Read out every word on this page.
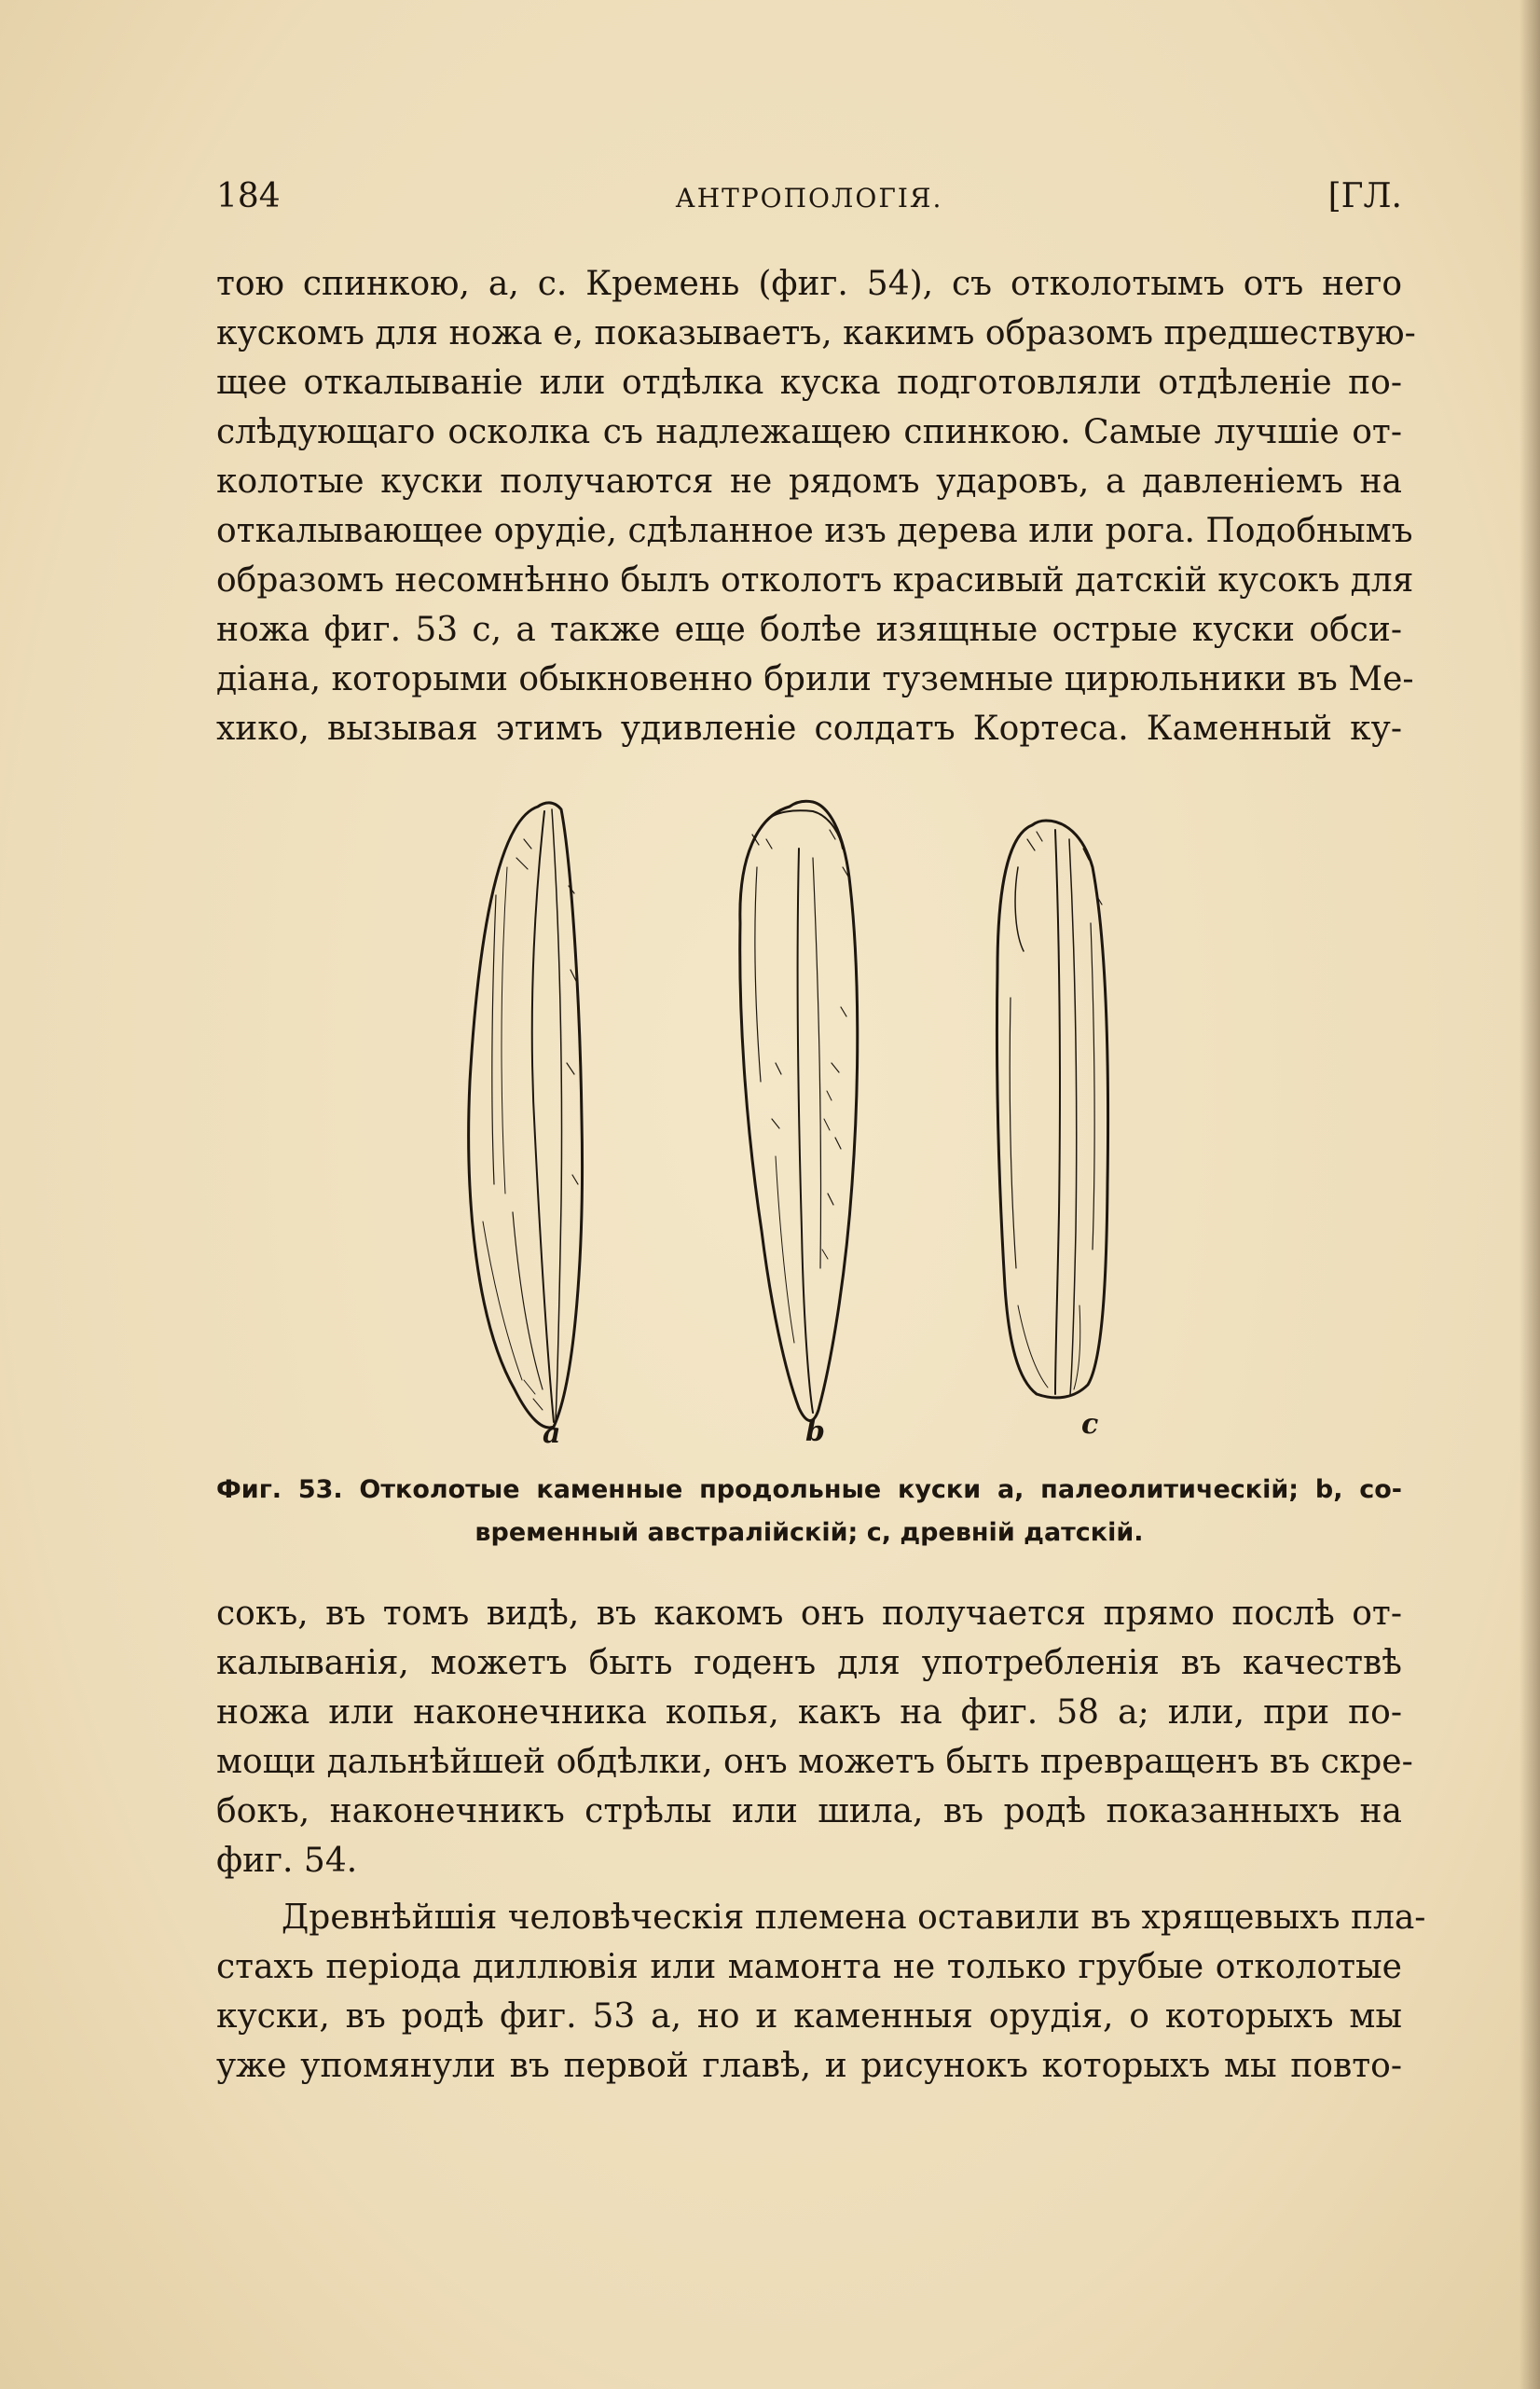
184	АНТРОПОЛОГІЯ.	[ГЛ.

тою спинкою, a, c. Кремень (фиг. 54), съ отколотымъ отъ него

кускомъ для ножа e, показываетъ, какимъ образомъ предшествую-

щее откалываніе или отдѣлка куска подготовляли отдѣленіе по-

слѣдующаго осколка съ надлежащею спинкою. Самые лучшіе от-

колотые куски получаются не рядомъ ударовъ, а давленіемъ на

откалывающее орудіе, сдѣланное изъ дерева или рога. Подобнымъ

образомъ несомнѣнно былъ отколотъ красивый датскій кусокъ для

ножа фиг. 53 c, а также еще болѣе изящные острые куски обси-

діана, которыми обыкновенно брили туземные цирюльники въ Ме-

хико, вызывая этимъ удивленіе солдатъ Кортеса. Каменный ку-

a	b	c
Фиг. 53. Отколотые каменные продольные куски a, палеолитическій; b, со-
временный австралійскій; c, древній датскій.

сокъ, въ томъ видѣ, въ какомъ онъ получается прямо послѣ от-

калыванія, можетъ быть годенъ для употребленія въ качествѣ

ножа или наконечника копья, какъ на фиг. 58 a; или, при по-

мощи дальнѣйшей обдѣлки, онъ можетъ быть превращенъ въ скре-

бокъ, наконечникъ стрѣлы или шила, въ родѣ показанныхъ на

фиг. 54.

Древнѣйшія человѣческія племена оставили въ хрящевыхъ пла-

стахъ періода диллювія или мамонта не только грубые отколотые

куски, въ родѣ фиг. 53 a, но и каменныя орудія, о которыхъ мы

уже упомянули въ первой главѣ, и рисунокъ которыхъ мы повто-
